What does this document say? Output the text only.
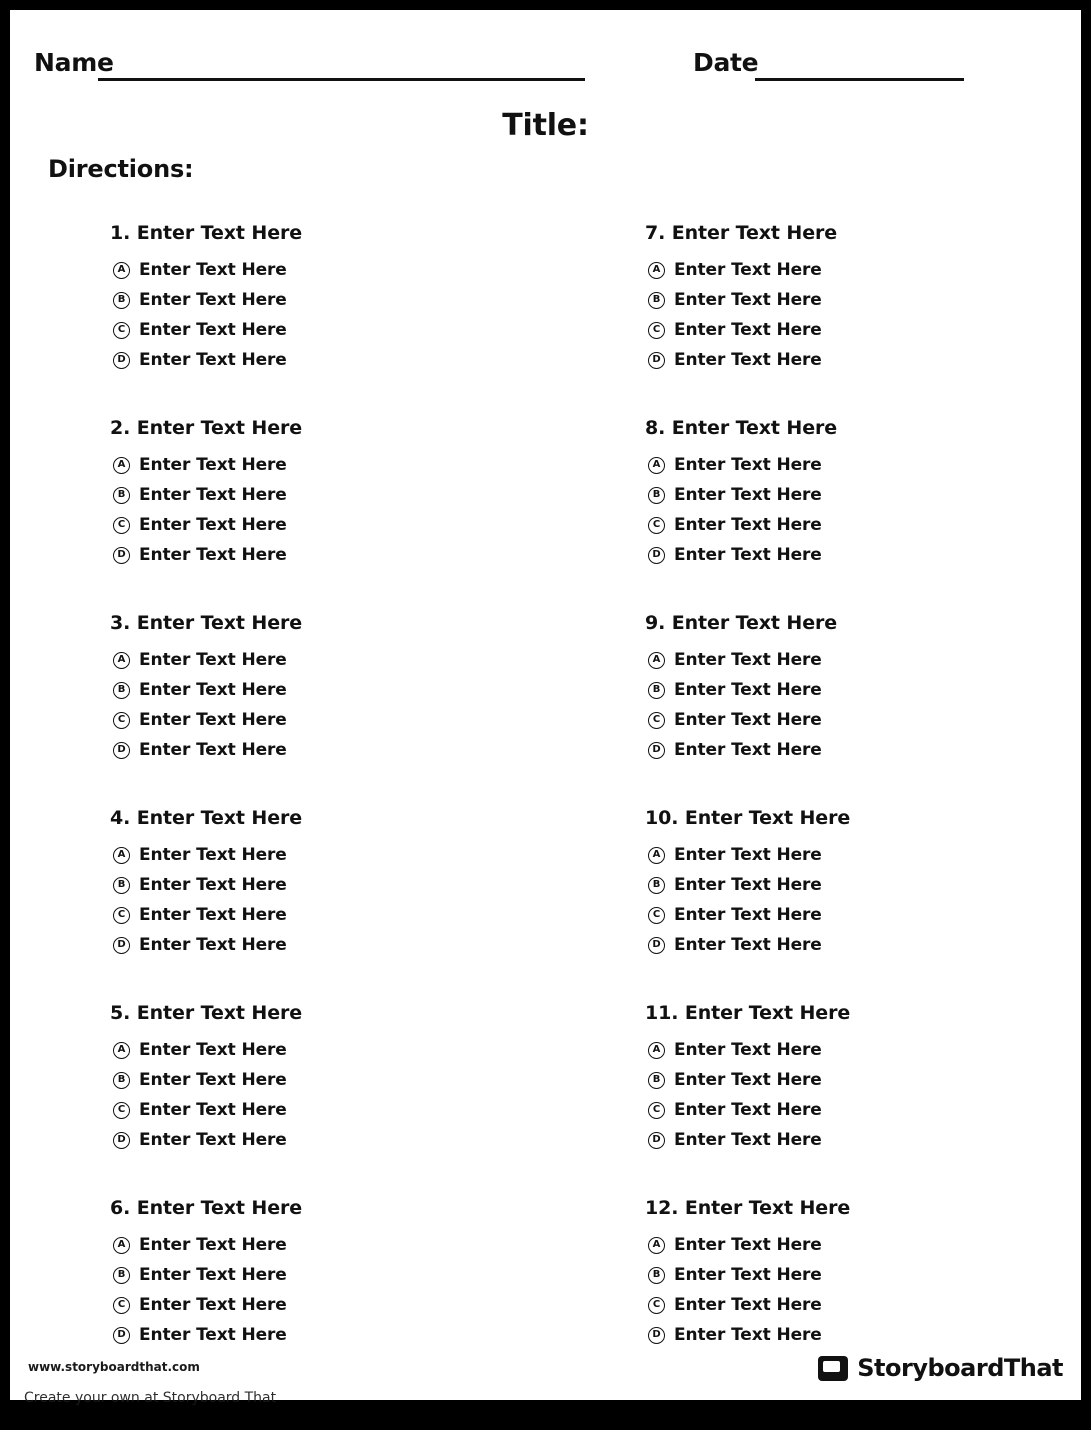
Name	Date
Title:
Directions:
1. Enter Text Here
A Enter Text Here
B Enter Text Here
C Enter Text Here
D Enter Text Here
2. Enter Text Here
A Enter Text Here
B Enter Text Here
C Enter Text Here
D Enter Text Here
3. Enter Text Here
A Enter Text Here
B Enter Text Here
C Enter Text Here
D Enter Text Here
4. Enter Text Here
A Enter Text Here
B Enter Text Here
C Enter Text Here
D Enter Text Here
5. Enter Text Here
A Enter Text Here
B Enter Text Here
C Enter Text Here
D Enter Text Here
6. Enter Text Here
A Enter Text Here
B Enter Text Here
C Enter Text Here
D Enter Text Here
7. Enter Text Here
A Enter Text Here
B Enter Text Here
C Enter Text Here
D Enter Text Here
8. Enter Text Here
A Enter Text Here
B Enter Text Here
C Enter Text Here
D Enter Text Here
9. Enter Text Here
A Enter Text Here
B Enter Text Here
C Enter Text Here
D Enter Text Here
10. Enter Text Here
A Enter Text Here
B Enter Text Here
C Enter Text Here
D Enter Text Here
11. Enter Text Here
A Enter Text Here
B Enter Text Here
C Enter Text Here
D Enter Text Here
12. Enter Text Here
A Enter Text Here
B Enter Text Here
C Enter Text Here
D Enter Text Here
www.storyboardthat.com	StoryboardThat
Create your own at Storyboard That
